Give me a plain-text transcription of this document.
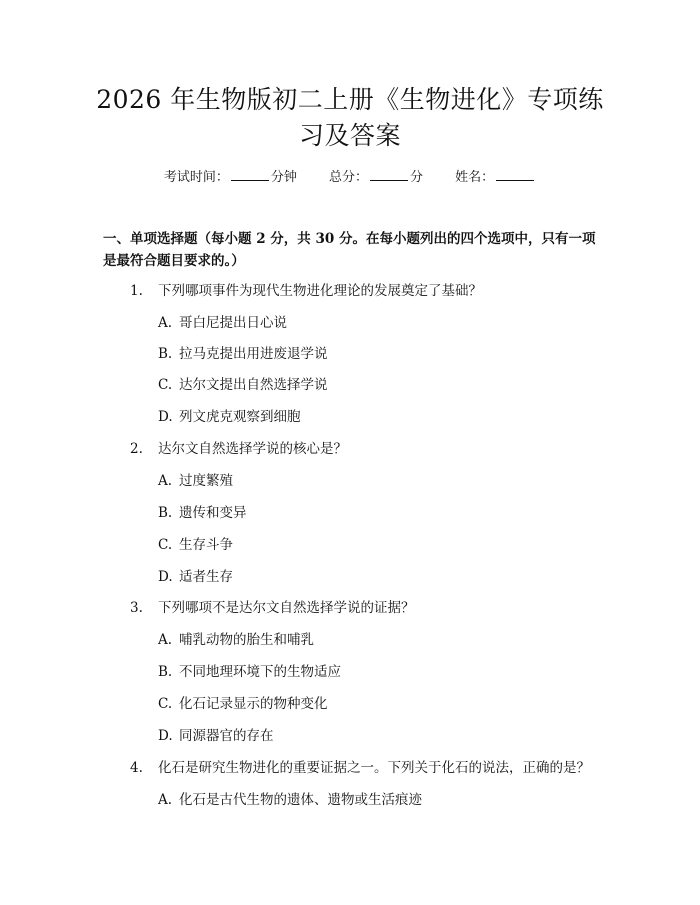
2026 年生物版初二上册《生物进化》专项练
习及答案
考试时间：	分钟 总分：	分 姓名：
一、单项选择题（每小题 2 分，共 30 分。在每小题列出的四个选项中，只有一项是最符合题目要求的。）
1. 下列哪项事件为现代生物进化理论的发展奠定了基础？
A. 哥白尼提出日心说
B. 拉马克提出用进废退学说
C. 达尔文提出自然选择学说
D. 列文虎克观察到细胞
2. 达尔文自然选择学说的核心是？
A. 过度繁殖
B. 遗传和变异
C. 生存斗争
D. 适者生存
3. 下列哪项不是达尔文自然选择学说的证据？
A. 哺乳动物的胎生和哺乳
B. 不同地理环境下的生物适应
C. 化石记录显示的物种变化
D. 同源器官的存在
4. 化石是研究生物进化的重要证据之一。下列关于化石的说法，正确的是？
A. 化石是古代生物的遗体、遗物或生活痕迹
